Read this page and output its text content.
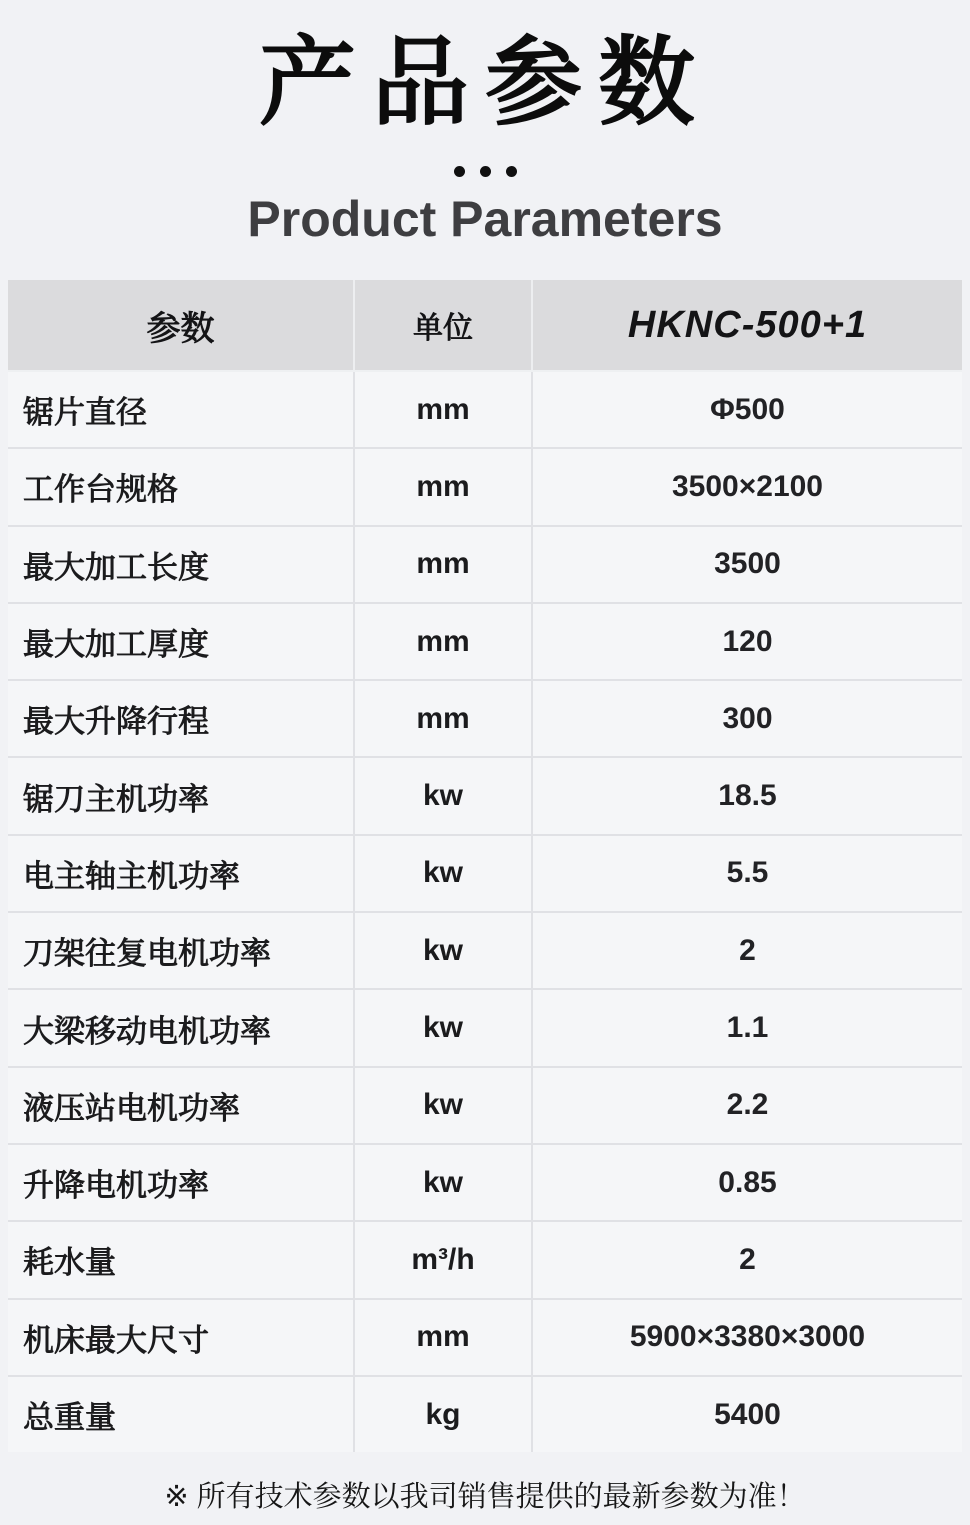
产品参数
Product Parameters
参数	单位	HKNC-500+1
锯片直径	mm	Φ500
工作台规格	mm	3500×2100
最大加工长度	mm	3500
最大加工厚度	mm	120
最大升降行程	mm	300
锯刀主机功率	kw	18.5
电主轴主机功率	kw	5.5
刀架往复电机功率	kw	2
大梁移动电机功率	kw	1.1
液压站电机功率	kw	2.2
升降电机功率	kw	0.85
耗水量	m³/h	2
机床最大尺寸	mm	5900×3380×3000
总重量	kg	5400
※ 所有技术参数以我司销售提供的最新参数为准！
